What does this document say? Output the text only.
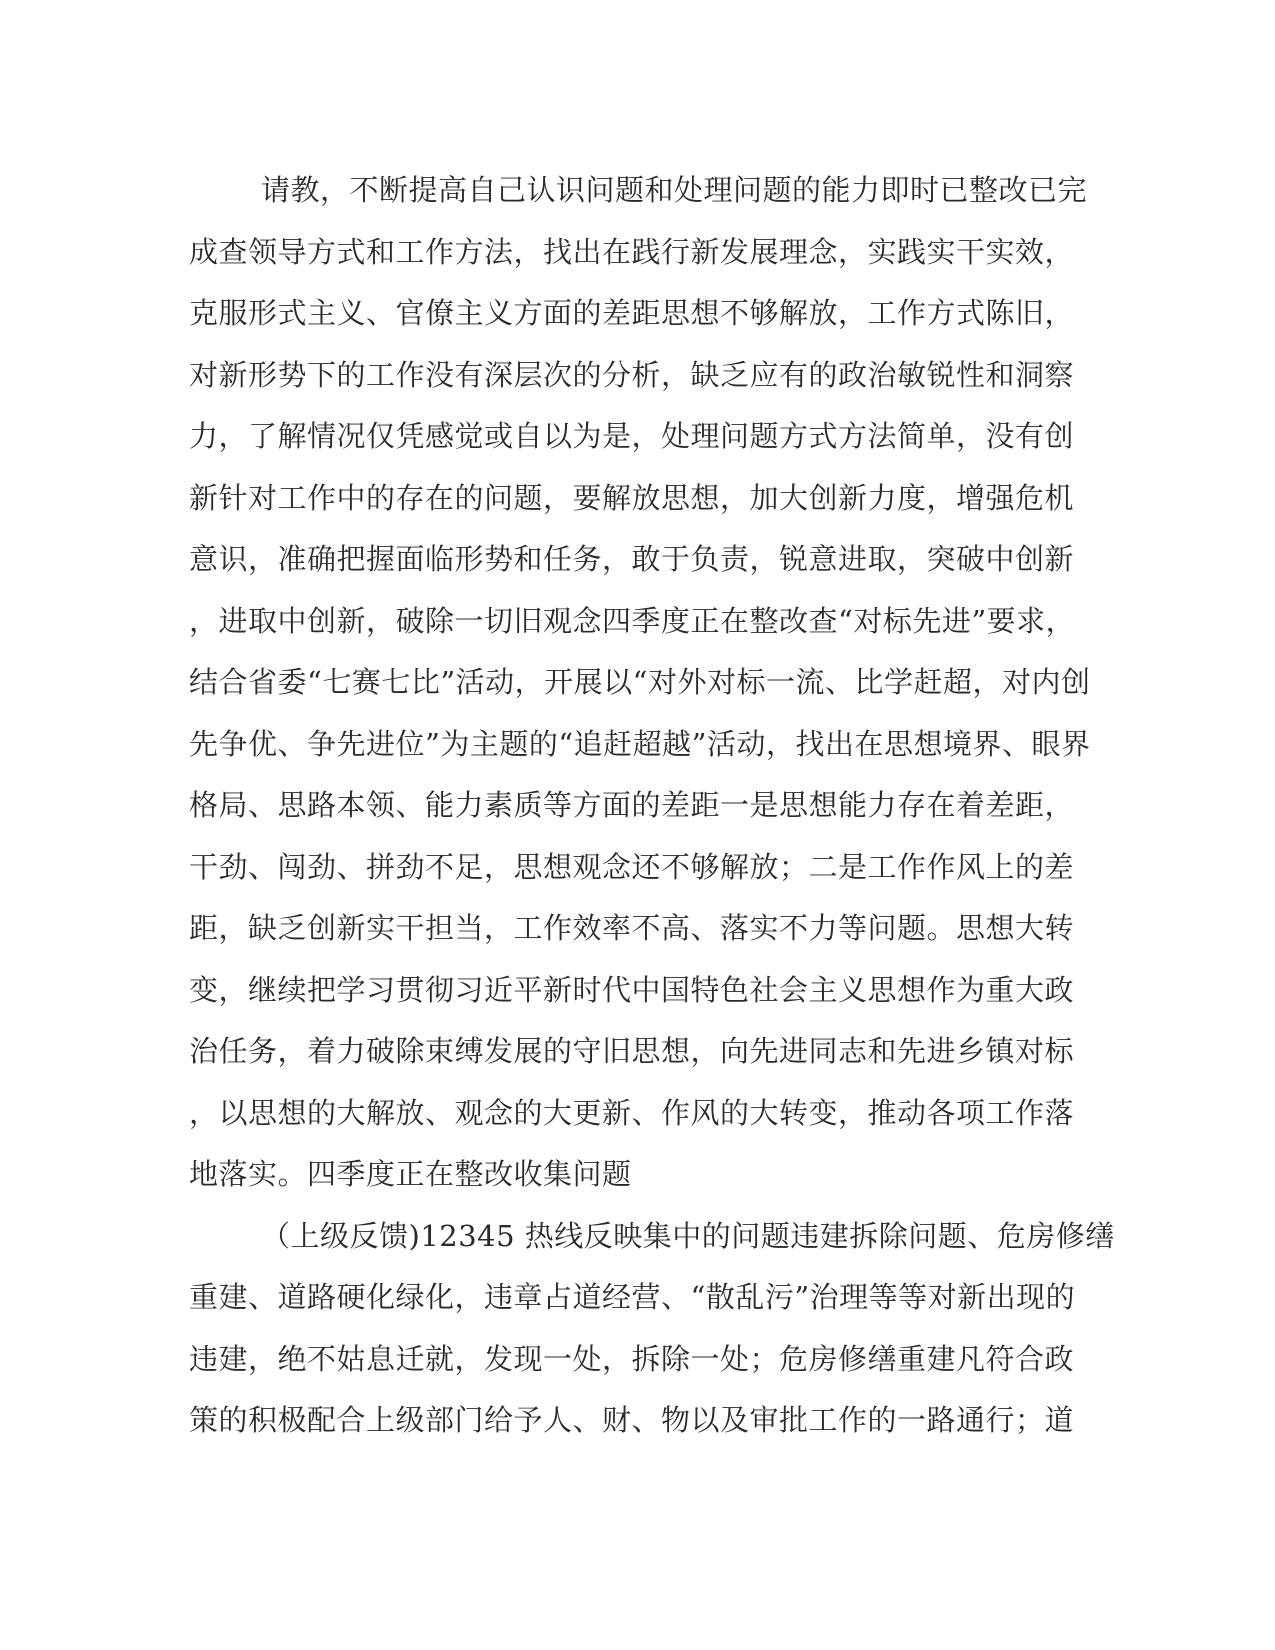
请教，不断提高自己认识问题和处理问题的能力即时已整改已完
成查领导方式和工作方法，找出在践行新发展理念，实践实干实效，
克服形式主义、官僚主义方面的差距思想不够解放，工作方式陈旧，
对新形势下的工作没有深层次的分析，缺乏应有的政治敏锐性和洞察
力，了解情况仅凭感觉或自以为是，处理问题方式方法简单，没有创
新针对工作中的存在的问题，要解放思想，加大创新力度，增强危机
意识，准确把握面临形势和任务，敢于负责，锐意进取，突破中创新
，进取中创新，破除一切旧观念四季度正在整改查“对标先进”要求，
结合省委“七赛七比”活动，开展以“对外对标一流、比学赶超，对内创
先争优、争先进位”为主题的“追赶超越”活动，找出在思想境界、眼界
格局、思路本领、能力素质等方面的差距一是思想能力存在着差距，
干劲、闯劲、拼劲不足，思想观念还不够解放；二是工作作风上的差
距，缺乏创新实干担当，工作效率不高、落实不力等问题。思想大转
变，继续把学习贯彻习近平新时代中国特色社会主义思想作为重大政
治任务，着力破除束缚发展的守旧思想，向先进同志和先进乡镇对标
，以思想的大解放、观念的大更新、作风的大转变，推动各项工作落
地落实。四季度正在整改收集问题

（上级反馈)12345 热线反映集中的问题违建拆除问题、危房修缮
重建、道路硬化绿化，违章占道经营、“散乱污”治理等等对新出现的
违建，绝不姑息迁就，发现一处，拆除一处；危房修缮重建凡符合政
策的积极配合上级部门给予人、财、物以及审批工作的一路通行；道
